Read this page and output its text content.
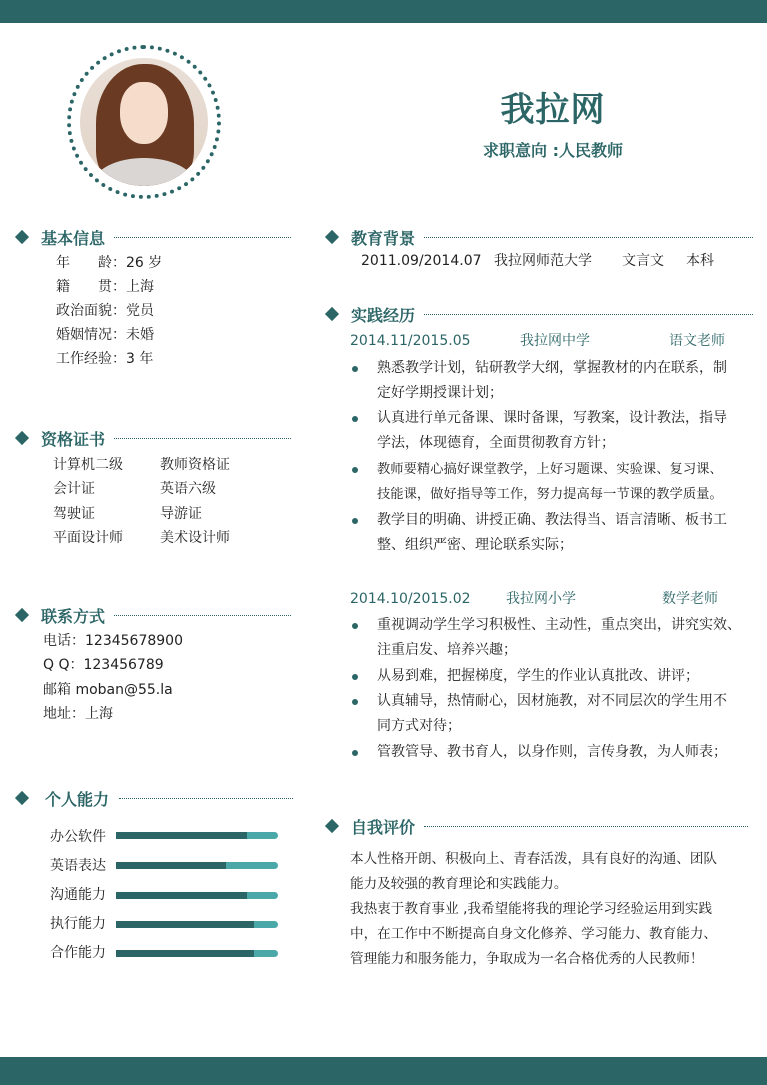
我拉网
求职意向 :人民教师
基本信息
年　　龄：26 岁
籍　　贯：上海
政治面貌：党员
婚姻情况：未婚
工作经验：3 年
资格证书
计算机二级	教师资格证
会计证	英语六级
驾驶证	导游证
平面设计师	美术设计师
联系方式
电话：12345678900
Q Q：123456789
邮箱 moban@55.la
地址：上海
个人能力
办公软件
英语表达
沟通能力
执行能力
合作能力
教育背景
2011.09/2014.07 我拉网师范大学 文言文 本科
实践经历
2014.11/2015.05	我拉网中学	语文老师
熟悉教学计划，钻研教学大纲，掌握教材的内在联系，制
定好学期授课计划；
认真进行单元备课、课时备课，写教案，设计教法，指导
学法，体现德育，全面贯彻教育方针；
教师要精心搞好课堂教学，上好习题课、实验课、复习课、
技能课，做好指导等工作，努力提高每一节课的教学质量。
教学目的明确、讲授正确、教法得当、语言清晰、板书工
整、组织严密、理论联系实际；
2014.10/2015.02	我拉网小学	数学老师
重视调动学生学习积极性、主动性，重点突出，讲究实效、
注重启发、培养兴趣；
从易到难，把握梯度，学生的作业认真批改、讲评；
认真辅导，热情耐心，因材施教，对不同层次的学生用不
同方式对待；
管教管导、教书育人，以身作则，言传身教，为人师表；
自我评价
本人性格开朗、积极向上、青春活泼，具有良好的沟通、团队
能力及较强的教育理论和实践能力。
我热衷于教育事业 ,我希望能将我的理论学习经验运用到实践
中，在工作中不断提高自身文化修养、学习能力、教育能力、
管理能力和服务能力，争取成为一名合格优秀的人民教师！
